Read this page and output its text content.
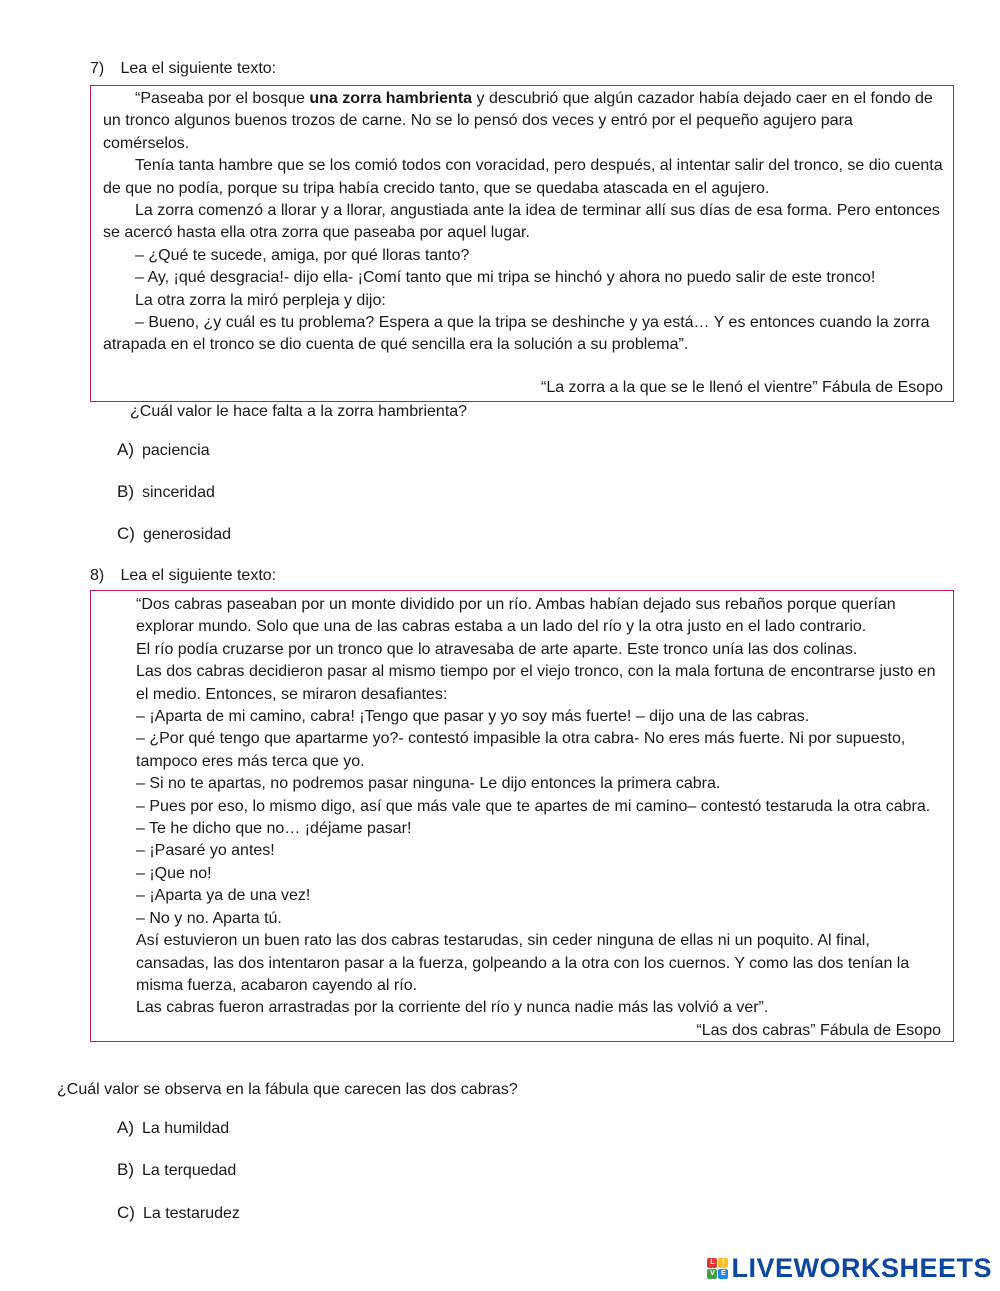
7) Lea el siguiente texto:

“Paseaba por el bosque una zorra hambrienta y descubrió que algún cazador había dejado caer en el fondo de un tronco algunos buenos trozos de carne. No se lo pensó dos veces y entró por el pequeño agujero para comérselos.

Tenía tanta hambre que se los comió todos con voracidad, pero después, al intentar salir del tronco, se dio cuenta de que no podía, porque su tripa había crecido tanto, que se quedaba atascada en el agujero.

La zorra comenzó a llorar y a llorar, angustiada ante la idea de terminar allí sus días de esa forma. Pero entonces se acercó hasta ella otra zorra que paseaba por aquel lugar.

– ¿Qué te sucede, amiga, por qué lloras tanto?

– Ay, ¡qué desgracia!- dijo ella- ¡Comí tanto que mi tripa se hinchó y ahora no puedo salir de este tronco!

La otra zorra la miró perpleja y dijo:

– Bueno, ¿y cuál es tu problema? Espera a que la tripa se deshinche y ya está… Y es entonces cuando la zorra atrapada en el tronco se dio cuenta de qué sencilla era la solución a su problema”.

“La zorra a la que se le llenó el vientre” Fábula de Esopo

¿Cuál valor le hace falta a la zorra hambrienta?
A) paciencia
B) sinceridad
C) generosidad
8) Lea el siguiente texto:

“Dos cabras paseaban por un monte dividido por un río. Ambas habían dejado sus rebaños porque querían explorar mundo. Solo que una de las cabras estaba a un lado del río y la otra justo en el lado contrario.

El río podía cruzarse por un tronco que lo atravesaba de arte aparte. Este tronco unía las dos colinas.

Las dos cabras decidieron pasar al mismo tiempo por el viejo tronco, con la mala fortuna de encontrarse justo en el medio. Entonces, se miraron desafiantes:

– ¡Aparta de mi camino, cabra! ¡Tengo que pasar y yo soy más fuerte! – dijo una de las cabras.

– ¿Por qué tengo que apartarme yo?- contestó impasible la otra cabra- No eres más fuerte. Ni por supuesto, tampoco eres más terca que yo.

– Si no te apartas, no podremos pasar ninguna- Le dijo entonces la primera cabra.

– Pues por eso, lo mismo digo, así que más vale que te apartes de mi camino– contestó testaruda la otra cabra.

– Te he dicho que no… ¡déjame pasar!

– ¡Pasaré yo antes!

– ¡Que no!

– ¡Aparta ya de una vez!

– No y no. Aparta tú.

Así estuvieron un buen rato las dos cabras testarudas, sin ceder ninguna de ellas ni un poquito. Al final, cansadas, las dos intentaron pasar a la fuerza, golpeando a la otra con los cuernos. Y como las dos tenían la misma fuerza, acabaron cayendo al río.

Las cabras fueron arrastradas por la corriente del río y nunca nadie más las volvió a ver”.

“Las dos cabras” Fábula de Esopo

¿Cuál valor se observa en la fábula que carecen las dos cabras?
A) La humildad
B) La terquedad
C) La testarudez
L	I
V E LIVEWORKSHEETS
